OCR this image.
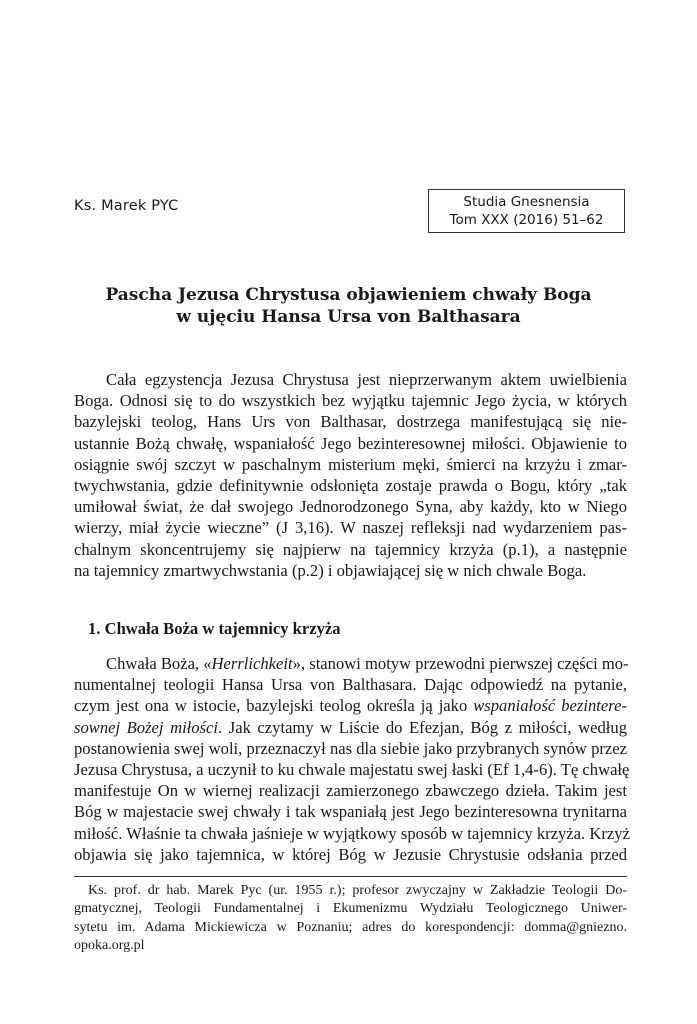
Ks. Marek PYC	Studia Gnesnensia
Tom XXX (2016) 51–62
Pascha Jezusa Chrystusa objawieniem chwały Boga
w ujęciu Hansa Ursa von Balthasara
Cała egzystencja Jezusa Chrystusa jest nieprzerwanym aktem uwielbienia
Boga. Odnosi się to do wszystkich bez wyjątku tajemnic Jego życia, w których
bazylejski teolog, Hans Urs von Balthasar, dostrzega manifestującą się nie-
ustannie Bożą chwałę, wspaniałość Jego bezinteresownej miłości. Objawienie to
osiągnie swój szczyt w paschalnym misterium męki, śmierci na krzyżu i zmar-
twychwstania, gdzie definitywnie odsłonięta zostaje prawda o Bogu, który „tak
umiłował świat, że dał swojego Jednorodzonego Syna, aby każdy, kto w Niego
wierzy, miał życie wieczne” (J 3,16). W naszej refleksji nad wydarzeniem pas-
chalnym skoncentrujemy się najpierw na tajemnicy krzyża (p.1), a następnie
na tajemnicy zmartwychwstania (p.2) i objawiającej się w nich chwale Boga.
1. Chwała Boża w tajemnicy krzyża
Chwała Boża, «Herrlichkeit», stanowi motyw przewodni pierwszej części mo-
numentalnej teologii Hansa Ursa von Balthasara. Dając odpowiedź na pytanie,
czym jest ona w istocie, bazylejski teolog określa ją jako wspaniałość bezintere-
sownej Bożej miłości. Jak czytamy w Liście do Efezjan, Bóg z miłości, według
postanowienia swej woli, przeznaczył nas dla siebie jako przybranych synów przez
Jezusa Chrystusa, a uczynił to ku chwale majestatu swej łaski (Ef 1,4-6). Tę chwałę
manifestuje On w wiernej realizacji zamierzonego zbawczego dzieła. Takim jest
Bóg w majestacie swej chwały i tak wspaniałą jest Jego bezinteresowna trynitarna
miłość. Właśnie ta chwała jaśnieje w wyjątkowy sposób w tajemnicy krzyża. Krzyż
objawia się jako tajemnica, w której Bóg w Jezusie Chrystusie odsłania przed
Ks. prof. dr hab. Marek Pyc (ur. 1955 r.); profesor zwyczajny w Zakładzie Teologii Do-
gmatycznej, Teologii Fundamentalnej i Ekumenizmu Wydziału Teologicznego Uniwer-
sytetu im. Adama Mickiewicza w Poznaniu; adres do korespondencji: domma@gniezno.
opoka.org.pl
